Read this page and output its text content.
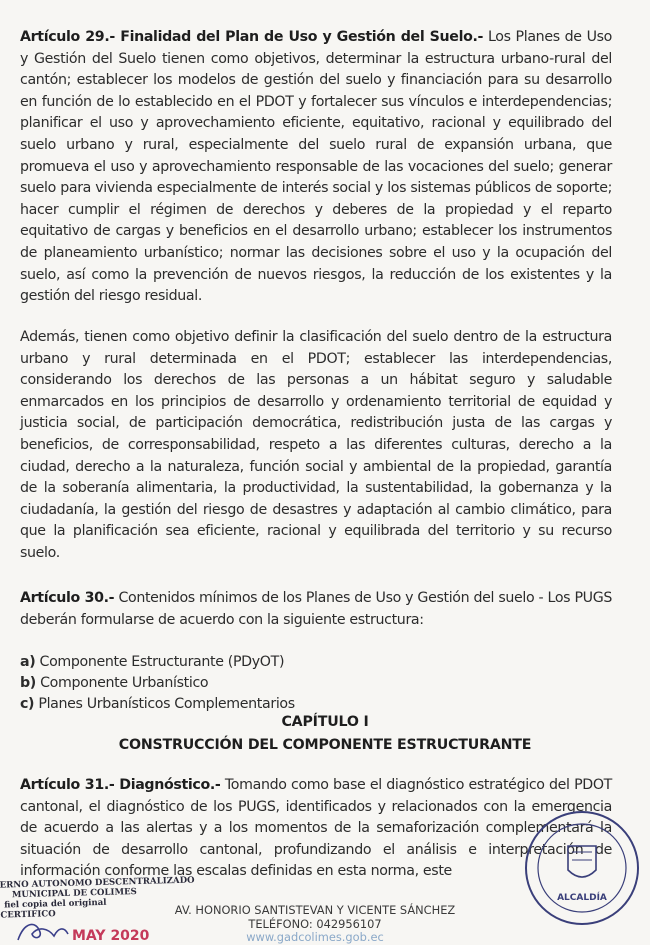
Artículo 29.- Finalidad del Plan de Uso y Gestión del Suelo.- Los Planes de Uso y Gestión del Suelo tienen como objetivos, determinar la estructura urbano-rural del cantón; establecer los modelos de gestión del suelo y financiación para su desarrollo en función de lo establecido en el PDOT y fortalecer sus vínculos e interdependencias; planificar el uso y aprovechamiento eficiente, equitativo, racional y equilibrado del suelo urbano y rural, especialmente del suelo rural de expansión urbana, que promueva el uso y aprovechamiento responsable de las vocaciones del suelo; generar suelo para vivienda especialmente de interés social y los sistemas públicos de soporte; hacer cumplir el régimen de derechos y deberes de la propiedad y el reparto equitativo de cargas y beneficios en el desarrollo urbano; establecer los instrumentos de planeamiento urbanístico; normar las decisiones sobre el uso y la ocupación del suelo, así como la prevención de nuevos riesgos, la reducción de los existentes y la gestión del riesgo residual.

Además, tienen como objetivo definir la clasificación del suelo dentro de la estructura urbano y rural determinada en el PDOT; establecer las interdependencias, considerando los derechos de las personas a un hábitat seguro y saludable enmarcados en los principios de desarrollo y ordenamiento territorial de equidad y justicia social, de participación democrática, redistribución justa de las cargas y beneficios, de corresponsabilidad, respeto a las diferentes culturas, derecho a la ciudad, derecho a la naturaleza, función social y ambiental de la propiedad, garantía de la soberanía alimentaria, la productividad, la sustentabilidad, la gobernanza y la ciudadanía, la gestión del riesgo de desastres y adaptación al cambio climático, para que la planificación sea eficiente, racional y equilibrada del territorio y su recurso suelo.

Artículo 30.- Contenidos mínimos de los Planes de Uso y Gestión del suelo - Los PUGS deberán formularse de acuerdo con la siguiente estructura:

a) Componente Estructurante (PDyOT)
b) Componente Urbanístico
c) Planes Urbanísticos Complementarios
CAPÍTULO I
CONSTRUCCIÓN DEL COMPONENTE ESTRUCTURANTE

Artículo 31.- Diagnóstico.- Tomando como base el diagnóstico estratégico del PDOT cantonal, el diagnóstico de los PUGS, identificados y relacionados con la emergencia de acuerdo a las alertas y a los momentos de la semaforización complementará la situación de desarrollo cantonal, profundizando el análisis e interpretación de información conforme las escalas definidas en esta norma, este

AV. HONORIO SANTISTEVAN Y VICENTE SÁNCHEZ
TELÉFONO: 042956107
www.gadcolimes.gob.ec
ERNO AUTONOMO DESCENTRALIZADO
MUNICIPAL DE COLIMES
fiel copia del original
CERTIFICO
MAY 2020
ALCALDÍA
